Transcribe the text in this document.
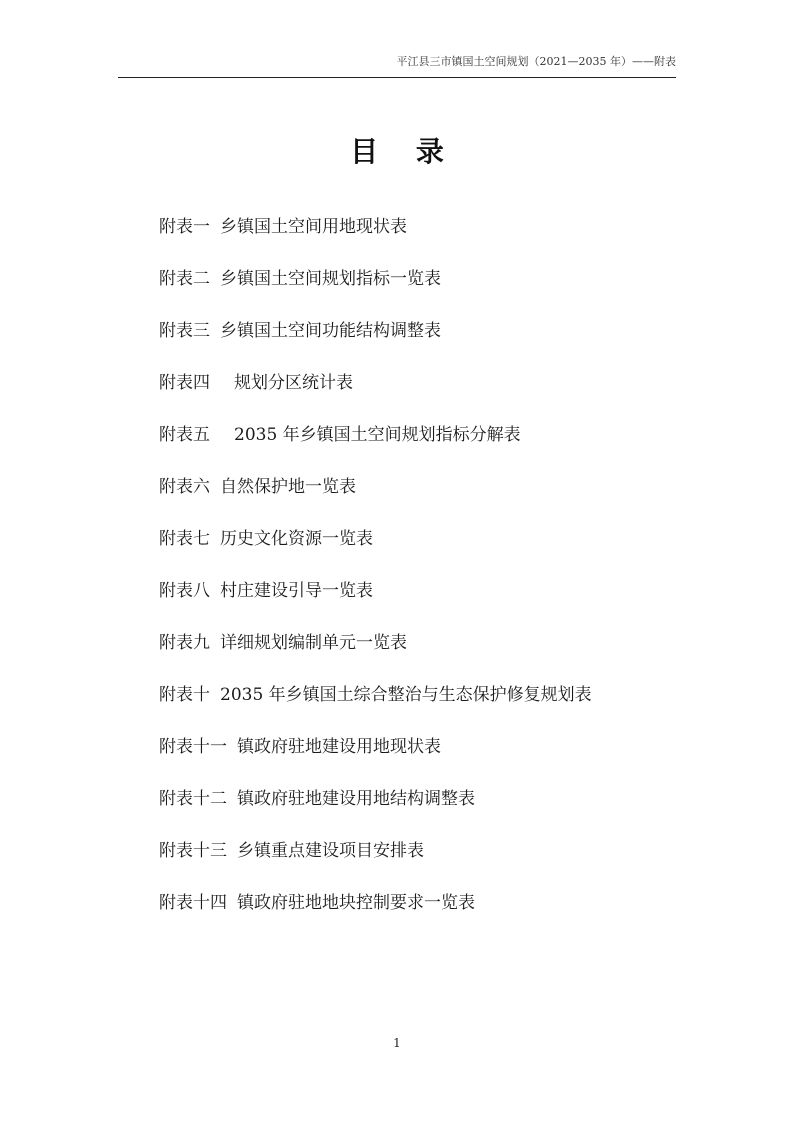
平江县三市镇国土空间规划（2021—2035 年）——附表
目 录
附表一 乡镇国土空间用地现状表
附表二 乡镇国土空间规划指标一览表
附表三 乡镇国土空间功能结构调整表
附表四	规划分区统计表
附表五	2035 年乡镇国土空间规划指标分解表
附表六 自然保护地一览表
附表七 历史文化资源一览表
附表八 村庄建设引导一览表
附表九 详细规划编制单元一览表
附表十 2035 年乡镇国土综合整治与生态保护修复规划表
附表十一 镇政府驻地建设用地现状表
附表十二 镇政府驻地建设用地结构调整表
附表十三 乡镇重点建设项目安排表
附表十四 镇政府驻地地块控制要求一览表
1
